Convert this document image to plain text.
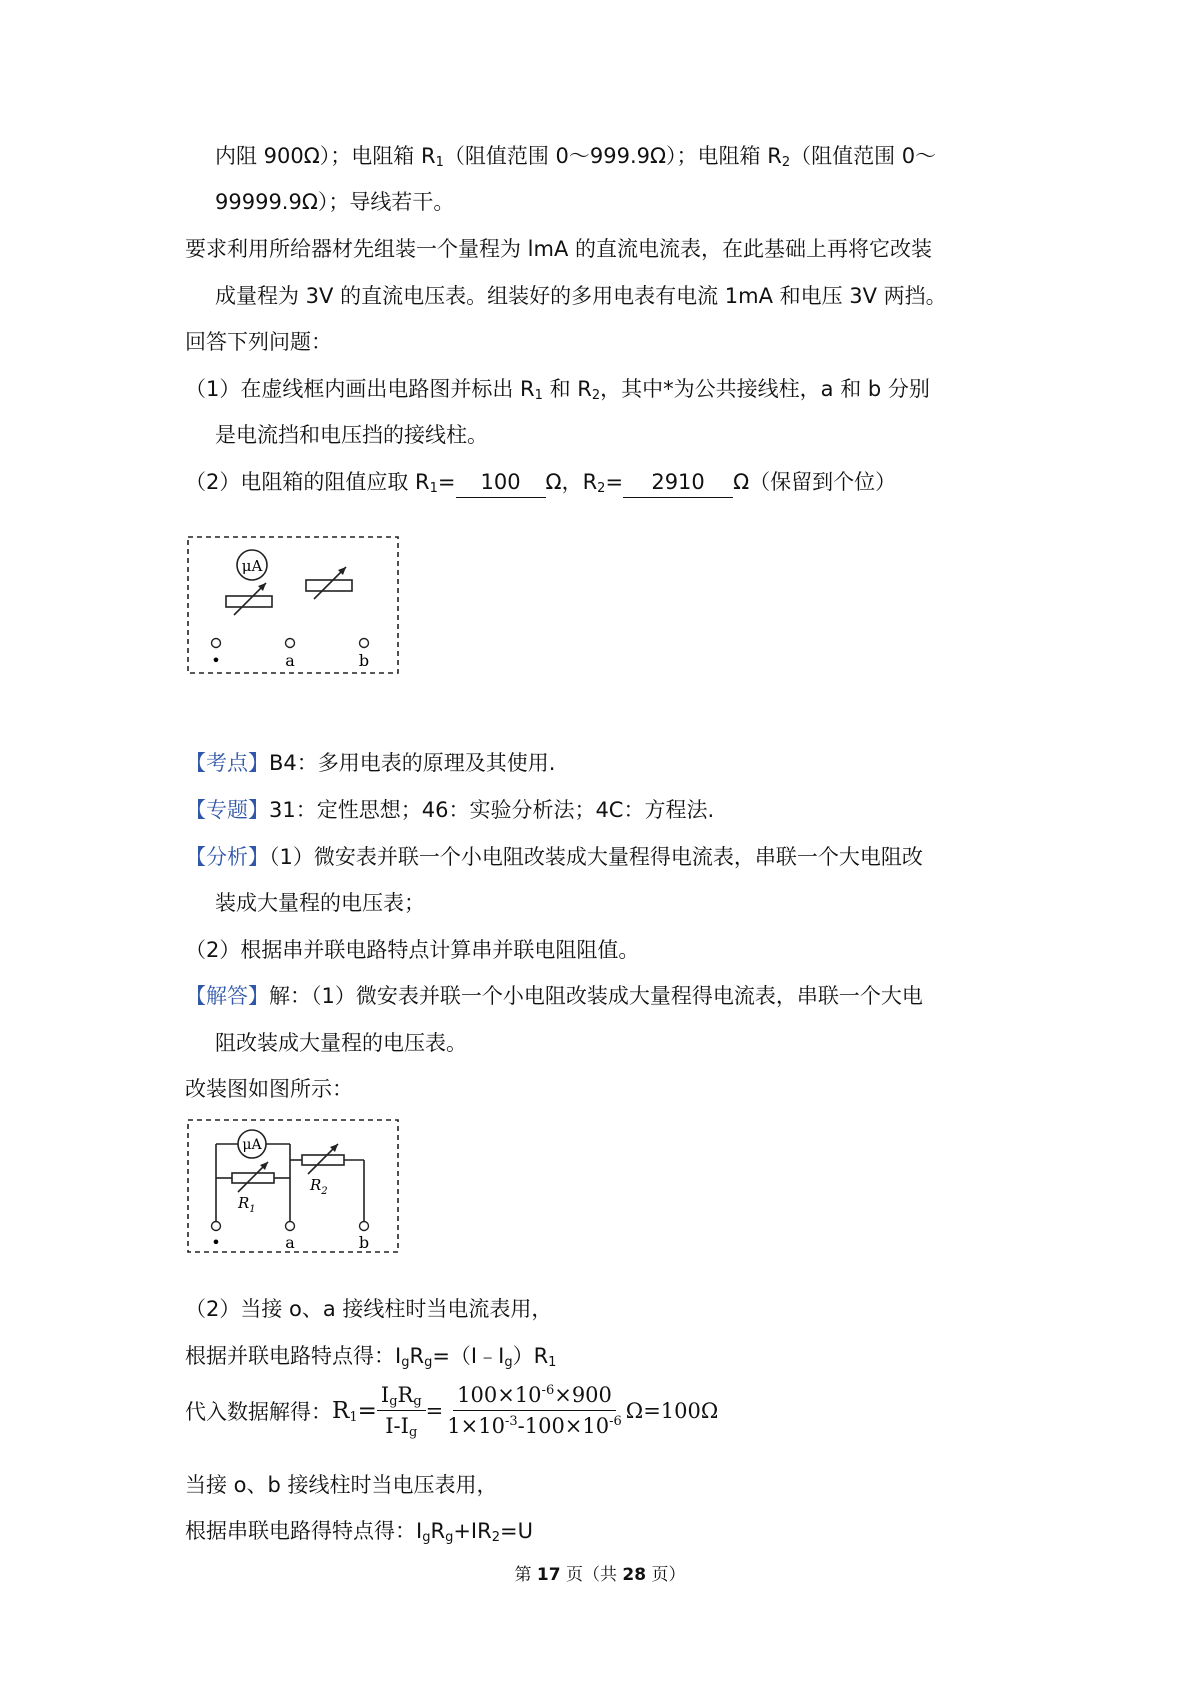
内阻 900Ω）；电阻箱 $R_1$（阻值范围 0～999.9Ω）；电阻箱 $R_2$（阻值范围 0～
99999.9Ω）；导线若干。
要求利用所给器材先组装一个量程为 lmA 的直流电流表，在此基础上再将它改装
成量程为 3V 的直流电压表。组装好的多用电表有电流 1mA 和电压 3V 两挡。
回答下列问题：
（1）在虚线框内画出电路图并标出 $R_1$ 和 $R_2$，其中*为公共接线柱，a 和 b 分别
是电流挡和电压挡的接线柱。
（2）电阻箱的阻值应取 $R_1= 100$ Ω，$R_2= 2910$ Ω（保留到个位）
μA
•	a	b
【考点】B4：多用电表的原理及其使用.
【专题】31：定性思想；46：实验分析法；4C：方程法.
【分析】（1）微安表并联一个小电阻改装成大量程得电流表，串联一个大电阻改
装成大量程的电压表；
（2）根据串并联电路特点计算串并联电阻阻值。
【解答】解：（1）微安表并联一个小电阻改装成大量程得电流表，串联一个大电
阻改装成大量程的电压表。
改装图如图所示：
μA
$R_1$
$R_2$
•	a	b
（2）当接 o、a 接线柱时当电流表用，
根据并联电路特点得：$I_gR_g=(I﹣I_g)R_1$
代入数据解得： $R_1= \frac{I_gR_g}{I-I_g} = \frac{100\times 10^{-6}\times 900}{1\times 10^{-3}-100\times 10^{-6}} \Omega=100\Omega$
当接 o、b 接线柱时当电压表用，
根据串联电路得特点得：$I_gR_g+IR_2=U$
第 17 页（共 28 页）
